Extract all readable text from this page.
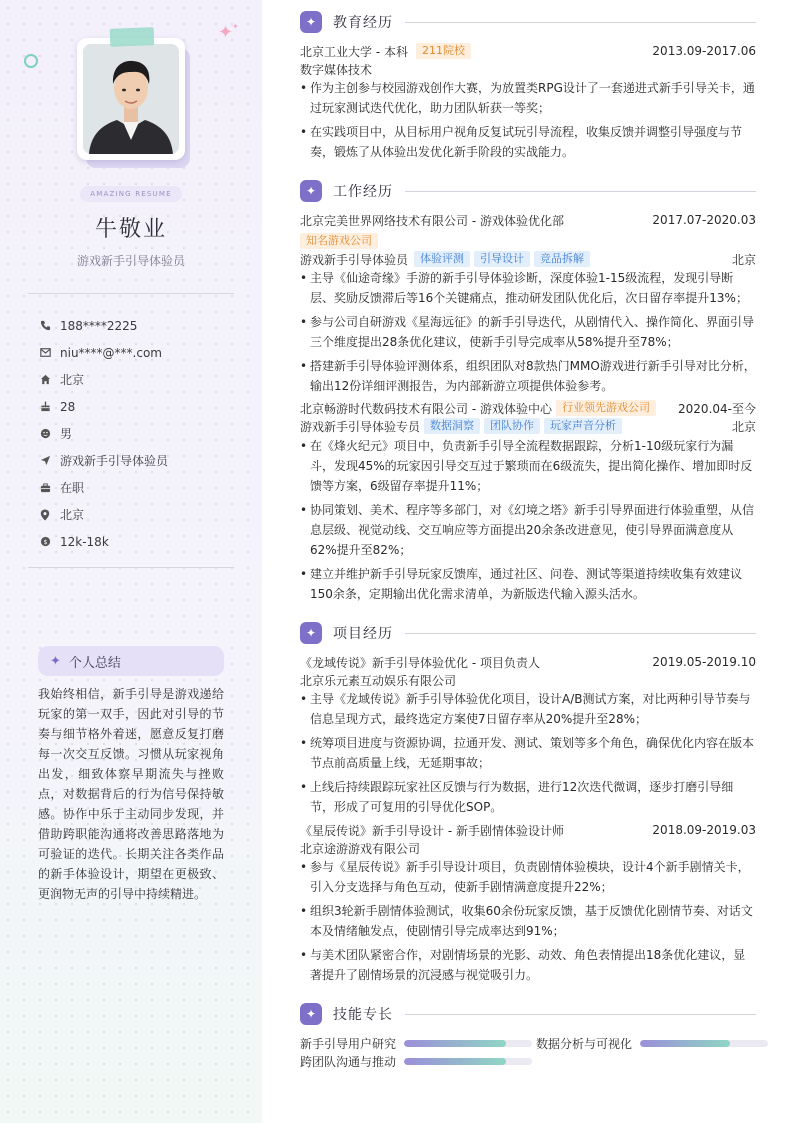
✦
✦
AMAZING RESUME
牛敬业
游戏新手引导体验员
188****2225
niu****@***.com
北京
28
男
游戏新手引导体验员
在职
北京
$ 12k-18k
✦ 个人总结
我始终相信，新手引导是游戏递给玩家的第一双手，因此对引导的节奏与细节格外着迷，愿意反复打磨每一次交互反馈。习惯从玩家视角出发，细致体察早期流失与挫败点，对数据背后的行为信号保持敏感。协作中乐于主动同步发现，并借助跨职能沟通将改善思路落地为可验证的迭代。长期关注各类作品的新手体验设计，期望在更极致、更润物无声的引导中持续精进。
✦	教育经历
北京工业大学 - 本科	211院校	2013.09-2017.06
数字媒体技术
• 作为主创参与校园游戏创作大赛，为放置类RPG设计了一套递进式新手引导关卡，通过玩家测试迭代优化，助力团队斩获一等奖；
• 在实践项目中，从目标用户视角反复试玩引导流程，收集反馈并调整引导强度与节奏，锻炼了从体验出发优化新手阶段的实战能力。
✦	工作经历
北京完美世界网络技术有限公司 - 游戏体验优化部	2017.07-2020.03
知名游戏公司
游戏新手引导体验员	体验评测	引导设计	竞品拆解	北京
• 主导《仙途奇缘》手游的新手引导体验诊断，深度体验1-15级流程，发现引导断层、奖励反馈滞后等16个关键痛点，推动研发团队优化后，次日留存率提升13%；
• 参与公司自研游戏《星海远征》的新手引导迭代，从剧情代入、操作简化、界面引导三个维度提出28条优化建议，使新手引导完成率从58%提升至78%；
• 搭建新手引导体验评测体系，组织团队对8款热门MMO游戏进行新手引导对比分析，输出12份详细评测报告，为内部新游立项提供体验参考。
北京畅游时代数码技术有限公司 - 游戏体验中心 行业领先游戏公司	2020.04-至今
游戏新手引导体验专员 数据洞察	团队协作	玩家声音分析	北京
• 在《烽火纪元》项目中，负责新手引导全流程数据跟踪，分析1-10级玩家行为漏斗，发现45%的玩家因引导交互过于繁琐而在6级流失，提出简化操作、增加即时反馈等方案，6级留存率提升11%；
• 协同策划、美术、程序等多部门，对《幻境之塔》新手引导界面进行体验重塑，从信息层级、视觉动线、交互响应等方面提出20余条改进意见，使引导界面满意度从62%提升至82%；
• 建立并维护新手引导玩家反馈库，通过社区、问卷、测试等渠道持续收集有效建议150余条，定期输出优化需求清单，为新版迭代输入源头活水。
✦	项目经历
《龙域传说》新手引导体验优化 - 项目负责人	2019.05-2019.10
北京乐元素互动娱乐有限公司
• 主导《龙域传说》新手引导体验优化项目，设计A/B测试方案，对比两种引导节奏与信息呈现方式，最终选定方案使7日留存率从20%提升至28%；
• 统筹项目进度与资源协调，拉通开发、测试、策划等多个角色，确保优化内容在版本节点前高质量上线，无延期事故；
• 上线后持续跟踪玩家社区反馈与行为数据，进行12次迭代微调，逐步打磨引导细节，形成了可复用的引导优化SOP。
《星辰传说》新手引导设计 - 新手剧情体验设计师	2018.09-2019.03
北京途游游戏有限公司
• 参与《星辰传说》新手引导设计项目，负责剧情体验模块，设计4个新手剧情关卡，引入分支选择与角色互动，使新手剧情满意度提升22%；
• 组织3轮新手剧情体验测试，收集60余份玩家反馈，基于反馈优化剧情节奏、对话文本及情绪触发点，使剧情引导完成率达到91%；
• 与美术团队紧密合作，对剧情场景的光影、动效、角色表情提出18条优化建议，显著提升了剧情场景的沉浸感与视觉吸引力。
✦	技能专长
新手引导用户研究	数据分析与可视化
跨团队沟通与推动
